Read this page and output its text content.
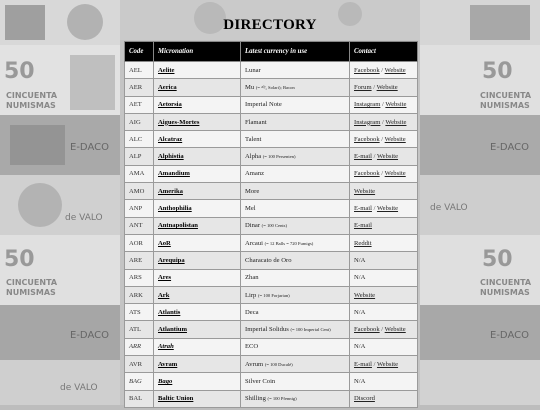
50
CINCUENTA
NUMISMAS
E-DACO
de VALO
50
CINCUENTA
NUMISMAS
E-DACO
de VALO
50
CINCUENTA
NUMISMAS
E-DACO
de VALO
50
CINCUENTA
NUMISMAS
E-DACO
DIRECTORY
Code	Micronation	Latest currency in use	Contact
AEL	Aelite	Lunar	Facebook / Website
AER	Aerica	Mu (= ⁴⁰⁄₁ Solari); Bacon	Forum / Website
AET	Aetorsia	Imperial Note	Instagram / Website
AIG	Aigues-Mortes	Flamant	Instagram / Website
ALC	Alcatraz	Talent	Facebook / Website
ALP	Alphistia	Alpha (= 100 Persenten)	E-mail / Website
AMA	Amandium	Amanz	Facebook / Website
AMO	Amerika	More	Website
ANP	Anthophilia	Mel	E-mail / Website
ANT	Antnapolistan	Dinar (= 100 Cents)	E-mail
AOR	AoR	Arcaui (= 12 Balls = 720 Fumigs)	Reddit
ARE	Arequipa	Characato de Oro	N/A
ARS	Ares	Zhan	N/A
ARK	Ark	Lirp (= 100 Forjarian)	Website
ATS	Atlantis	Deca	N/A
ATL	Atlantium	Imperial Solidus (= 100 Imperial Cent)	Facebook / Website
ARR	Atrah	ECO	N/A
AVR	Avram	Avrum (= 100 Ducalé)	E-mail / Website
BAG	Bago	Silver Coin	N/A
BAL	Baltic Union	Shilling (= 100 Pfennig)	Discord
